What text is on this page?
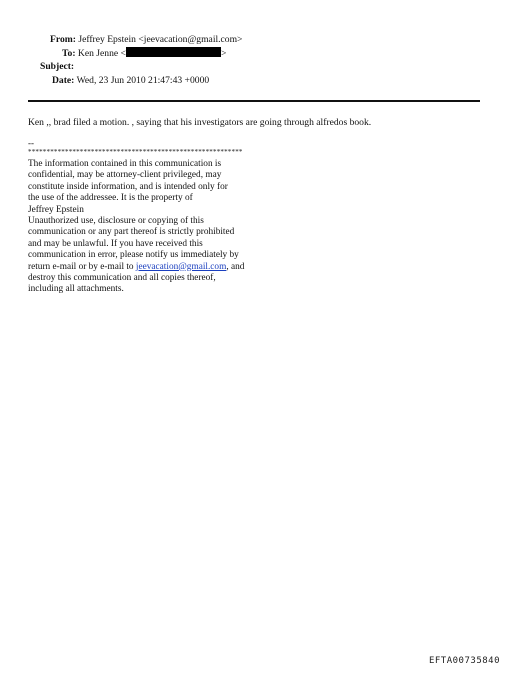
From: Jeffrey Epstein <jeevacation@gmail.com>
To: Ken Jenne <	>
Subject:
Date: Wed, 23 Jun 2010 21:47:43 +0000
Ken ,, brad filed a motion. , saying that his investigators are going through alfredos book.
--
**********************************************************
The information contained in this communication is
confidential, may be attorney-client privileged, may
constitute inside information, and is intended only for
the use of the addressee. It is the property of
Jeffrey Epstein
Unauthorized use, disclosure or copying of this
communication or any part thereof is strictly prohibited
and may be unlawful. If you have received this
communication in error, please notify us immediately by
return e-mail or by e-mail to jeevacation@gmail.com, and
destroy this communication and all copies thereof,
including all attachments.
EFTA00735840
